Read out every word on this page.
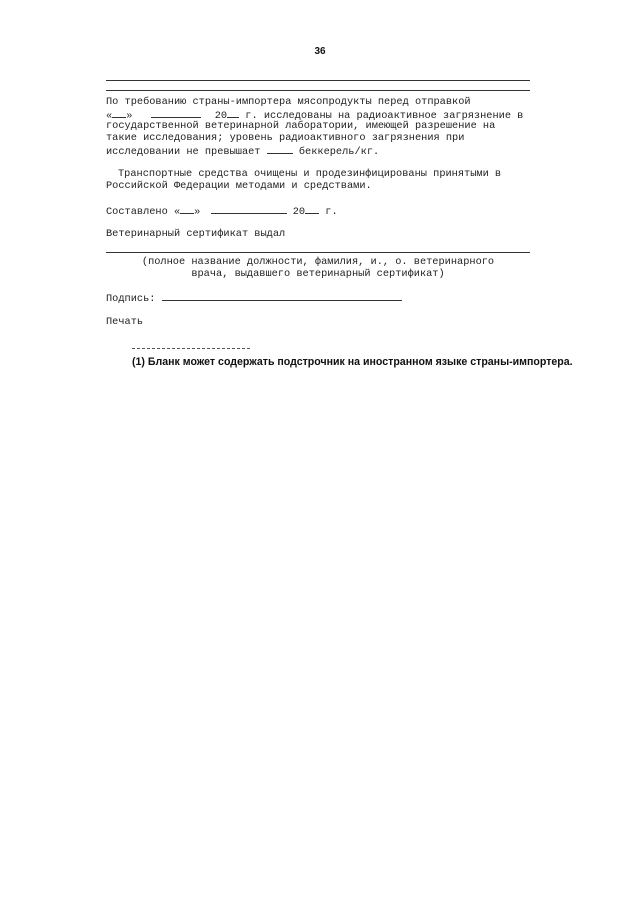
36

По требованию страны-импортера мясопродукты перед отправкой

« »	20 г. исследованы на радиоактивное загрязнение в

государственной ветеринарной лаборатории, имеющей разрешение на

такие исследования; уровень радиоактивного загрязнения при

исследовании не превышает	беккерель/кг.

Транспортные средства очищены и продезинфицированы принятыми в

Российской Федерации методами и средствами.

Составлено « »	20 г.

Ветеринарный сертификат выдал

(полное название должности, фамилия, и., о. ветеринарного

врача, выдавшего ветеринарный сертификат)

Подпись:

Печать

(1) Бланк может содержать подстрочник на иностранном языке страны-импортера.
